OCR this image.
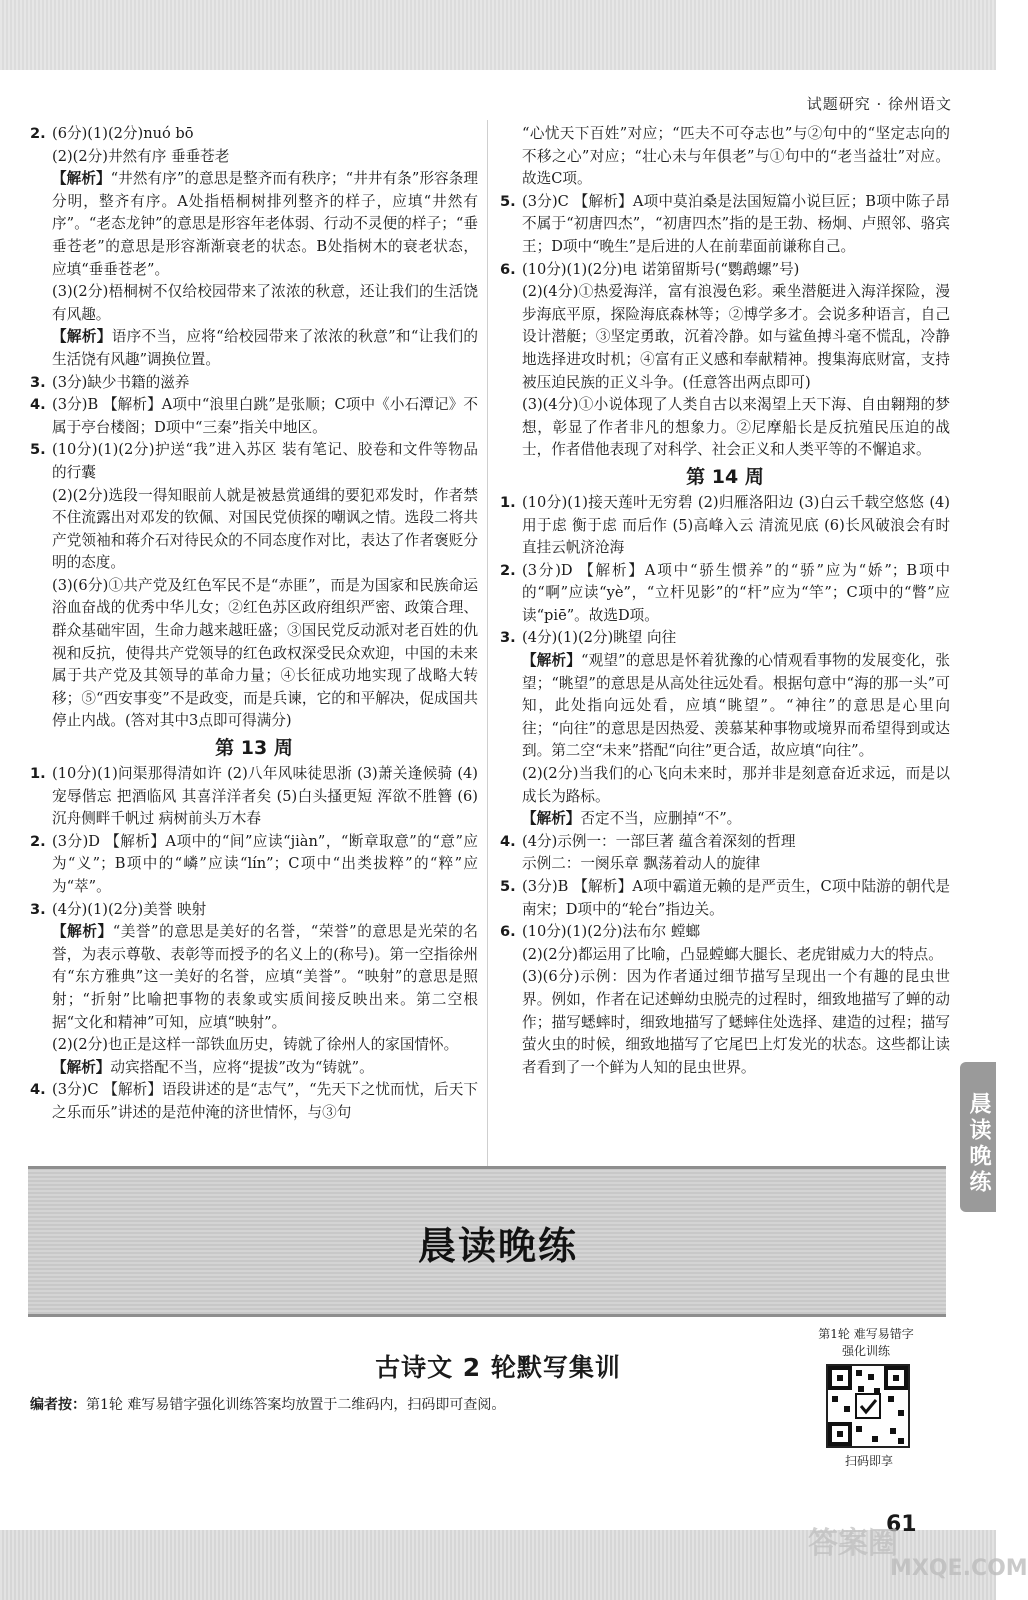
试题研究 · 徐州语文
2. (6分)(1)(2分)nuó bō
(2)(2分)井然有序 垂垂苍老
【解析】“井然有序”的意思是整齐而有秩序；“井井有条”形容条理分明，整齐有序。A处指梧桐树排列整齐的样子，应填“井然有序”。“老态龙钟”的意思是形容年老体弱、行动不灵便的样子；“垂垂苍老”的意思是形容渐渐衰老的状态。B处指树木的衰老状态，应填“垂垂苍老”。
(3)(2分)梧桐树不仅给校园带来了浓浓的秋意，还让我们的生活饶有风趣。
【解析】语序不当，应将“给校园带来了浓浓的秋意”和“让我们的生活饶有风趣”调换位置。
3. (3分)缺少书籍的滋养
4. (3分)B 【解析】A项中“浪里白跳”是张顺；C项中《小石潭记》不属于亭台楼阁；D项中“三秦”指关中地区。
5. (10分)(1)(2分)护送“我”进入苏区 装有笔记、胶卷和文件等物品的行囊
(2)(2分)选段一得知眼前人就是被悬赏通缉的要犯邓发时，作者禁不住流露出对邓发的钦佩、对国民党侦探的嘲讽之情。选段二将共产党领袖和蒋介石对待民众的不同态度作对比，表达了作者褒贬分明的态度。
(3)(6分)①共产党及红色军民不是“赤匪”，而是为国家和民族命运浴血奋战的优秀中华儿女；②红色苏区政府组织严密、政策合理、群众基础牢固，生命力越来越旺盛；③国民党反动派对老百姓的仇视和反抗，使得共产党领导的红色政权深受民众欢迎，中国的未来属于共产党及其领导的革命力量；④长征成功地实现了战略大转移；⑤“西安事变”不是政变，而是兵谏，它的和平解决，促成国共停止内战。(答对其中3点即可得满分)
第 13 周
1. (10分)(1)问渠那得清如许 (2)八年风味徒思浙 (3)萧关逢候骑 (4)宠辱偕忘 把酒临风 其喜洋洋者矣 (5)白头搔更短 浑欲不胜簪 (6)沉舟侧畔千帆过 病树前头万木春
2. (3分)D 【解析】A项中的“间”应读“jiàn”，“断章取意”的“意”应为“义”；B项中的“嶙”应读“lín”；C项中“出类拔粹”的“粹”应为“萃”。
3. (4分)(1)(2分)美誉 映射
【解析】“美誉”的意思是美好的名誉，“荣誉”的意思是光荣的名誉，为表示尊敬、表彰等而授予的名义上的(称号)。第一空指徐州有“东方雅典”这一美好的名誉，应填“美誉”。“映射”的意思是照射；“折射”比喻把事物的表象或实质间接反映出来。第二空根据“文化和精神”可知，应填“映射”。
(2)(2分)也正是这样一部铁血历史，铸就了徐州人的家国情怀。
【解析】动宾搭配不当，应将“提拔”改为“铸就”。
4. (3分)C 【解析】语段讲述的是“志气”，“先天下之忧而忧，后天下之乐而乐”讲述的是范仲淹的济世情怀，与③句
“心忧天下百姓”对应；“匹夫不可夺志也”与②句中的“坚定志向的不移之心”对应；“壮心未与年俱老”与①句中的“老当益壮”对应。故选C项。
5. (3分)C 【解析】A项中莫泊桑是法国短篇小说巨匠；B项中陈子昂不属于“初唐四杰”，“初唐四杰”指的是王勃、杨炯、卢照邻、骆宾王；D项中“晚生”是后进的人在前辈面前谦称自己。
6. (10分)(1)(2分)电 诺第留斯号(“鹦鹉螺”号)
(2)(4分)①热爱海洋，富有浪漫色彩。乘坐潜艇进入海洋探险，漫步海底平原，探险海底森林等；②博学多才。会说多种语言，自己设计潜艇；③坚定勇敢，沉着冷静。如与鲨鱼搏斗毫不慌乱，冷静地选择进攻时机；④富有正义感和奉献精神。搜集海底财富，支持被压迫民族的正义斗争。(任意答出两点即可)
(3)(4分)①小说体现了人类自古以来渴望上天下海、自由翱翔的梦想，彰显了作者非凡的想象力。②尼摩船长是反抗殖民压迫的战士，作者借他表现了对科学、社会正义和人类平等的不懈追求。
第 14 周
1. (10分)(1)接天莲叶无穷碧 (2)归雁洛阳边 (3)白云千载空悠悠 (4)用于虑 衡于虑 而后作 (5)高峰入云 清流见底 (6)长风破浪会有时 直挂云帆济沧海
2. (3分)D 【解析】A项中“骄生惯养”的“骄”应为“娇”；B项中的“啊”应读“yè”，“立杆见影”的“杆”应为“竿”；C项中的“瞥”应读“piē”。故选D项。
3. (4分)(1)(2分)眺望 向往
【解析】“观望”的意思是怀着犹豫的心情观看事物的发展变化，张望；“眺望”的意思是从高处往远处看。根据句意中“海的那一头”可知，此处指向远处看，应填“眺望”。“神往”的意思是心里向往；“向往”的意思是因热爱、羡慕某种事物或境界而希望得到或达到。第二空“未来”搭配“向往”更合适，故应填“向往”。
(2)(2分)当我们的心飞向未来时，那并非是刻意奋近求远，而是以成长为路标。
【解析】否定不当，应删掉“不”。
4. (4分)示例一：一部巨著 蕴含着深刻的哲理
示例二：一阕乐章 飘荡着动人的旋律
5. (3分)B 【解析】A项中霸道无赖的是严贡生，C项中陆游的朝代是南宋；D项中的“轮台”指边关。
6. (10分)(1)(2分)法布尔 螳螂
(2)(2分)都运用了比喻，凸显螳螂大腿长、老虎钳威力大的特点。
(3)(6分)示例：因为作者通过细节描写呈现出一个有趣的昆虫世界。例如，作者在记述蝉幼虫脱壳的过程时，细致地描写了蝉的动作；描写蟋蟀时，细致地描写了蟋蟀住处选择、建造的过程；描写萤火虫的时候，细致地描写了它尾巴上灯发光的状态。这些都让读者看到了一个鲜为人知的昆虫世界。
晨读晚练
晨读晚练
古诗文 2 轮默写集训
编者按：第1轮 难写易错字强化训练答案均放置于二维码内，扫码即可查阅。
第1轮 难写易错字强化训练
扫码即享
61
答案圈
MXQE.COM
